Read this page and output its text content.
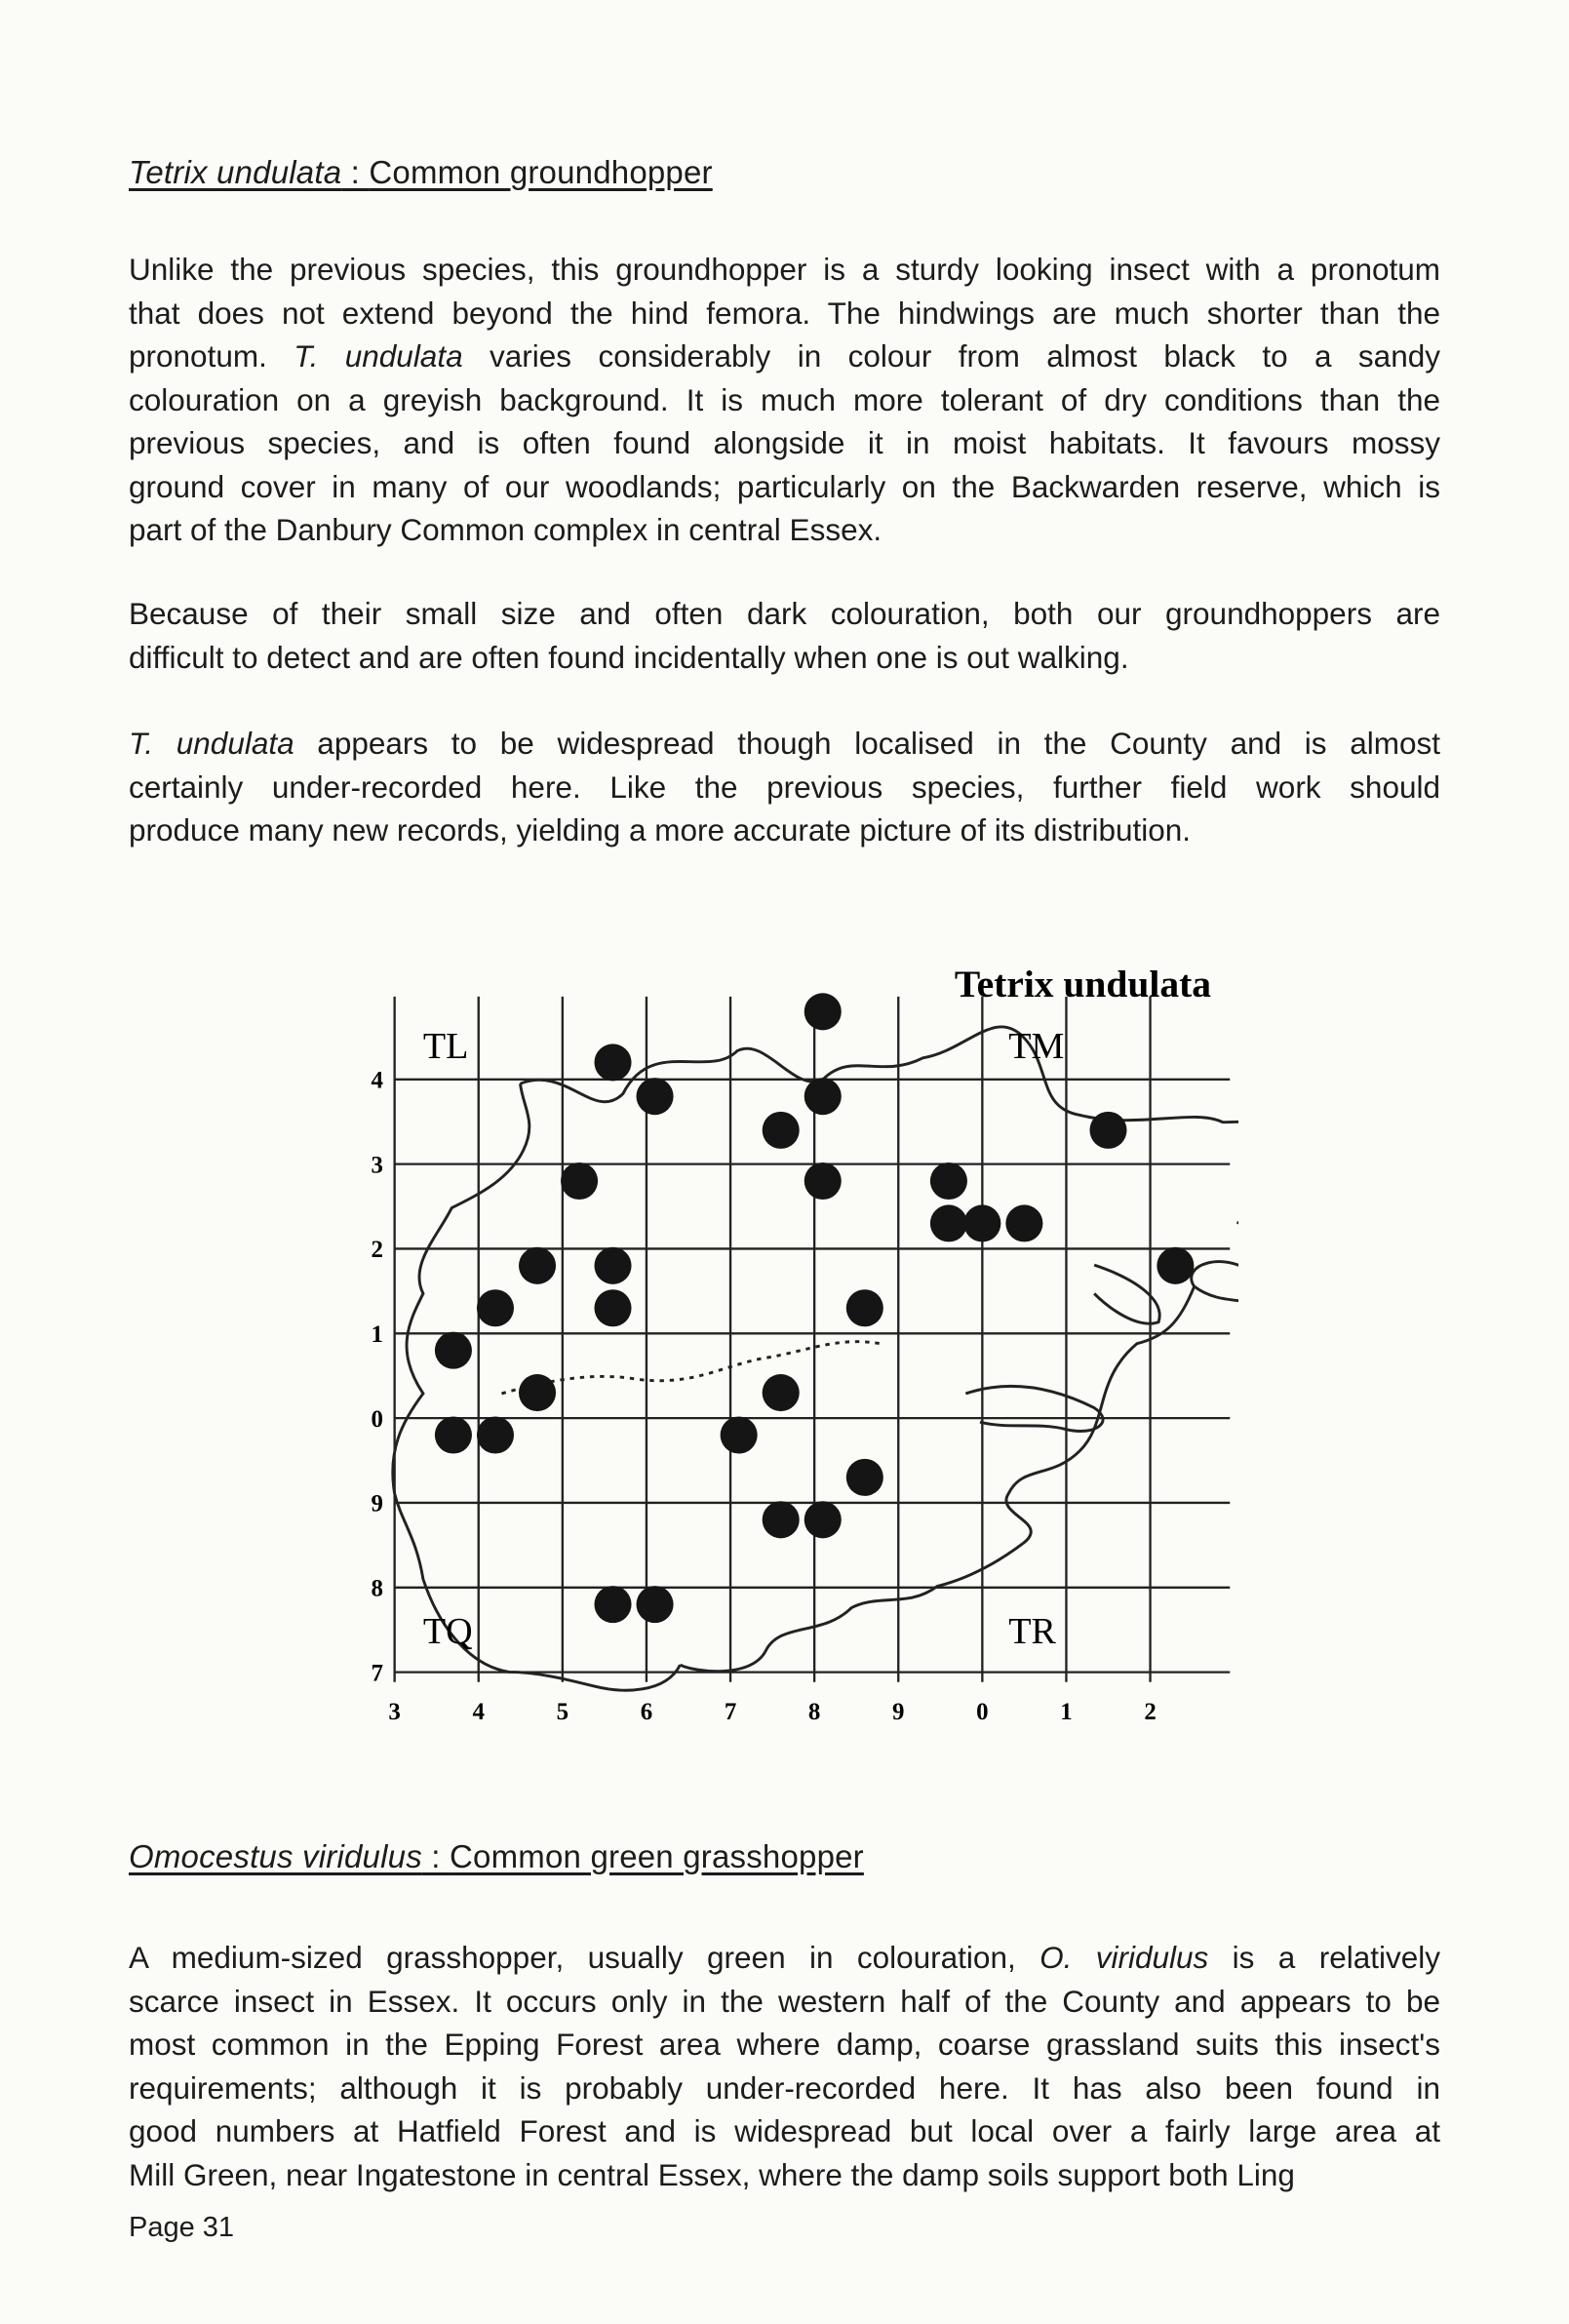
Tetrix undulata : Common groundhopper

Unlike the previous species, this groundhopper is a sturdy looking insect with a pronotum
that does not extend beyond the hind femora. The hindwings are much shorter than the
pronotum. T. undulata varies considerably in colour from almost black to a sandy
colouration on a greyish background. It is much more tolerant of dry conditions than the
previous species, and is often found alongside it in moist habitats. It favours mossy
ground cover in many of our woodlands; particularly on the Backwarden reserve, which is
part of the Danbury Common complex in central Essex.

Because of their small size and often dark colouration, both our groundhoppers are
difficult to detect and are often found incidentally when one is out walking.

T. undulata appears to be widespread though localised in the County and is almost
certainly under-recorded here. Like the previous species, further field work should
produce many new records, yielding a more accurate picture of its distribution.

Tetrix undulata
3	4	5	6	7	8	9	0	1	2
4
3
2
1
0
9
8
7
TL	TM
TQ	TR
Omocestus viridulus : Common green grasshopper

A medium-sized grasshopper, usually green in colouration, O. viridulus is a relatively
scarce insect in Essex. It occurs only in the western half of the County and appears to be
most common in the Epping Forest area where damp, coarse grassland suits this insect's
requirements; although it is probably under-recorded here. It has also been found in
good numbers at Hatfield Forest and is widespread but local over a fairly large area at
Mill Green, near Ingatestone in central Essex, where the damp soils support both Ling

Page 31
